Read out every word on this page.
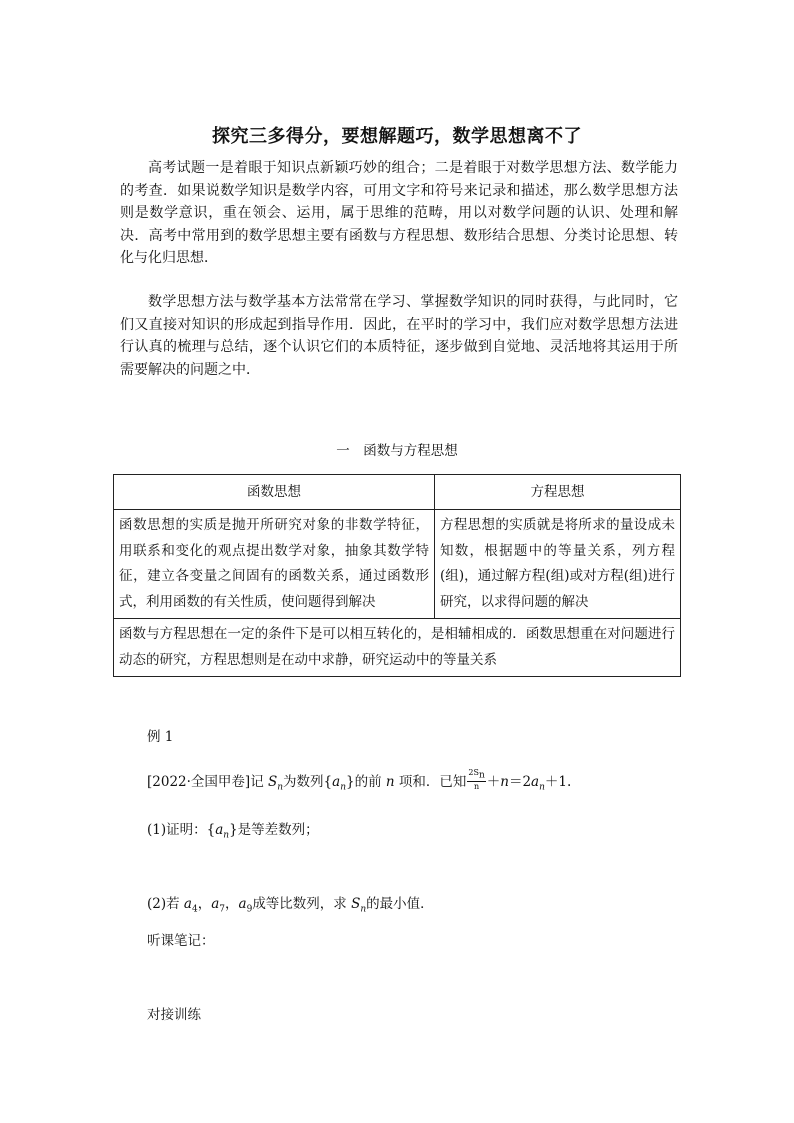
探究三多得分，要想解题巧，数学思想离不了

高考试题一是着眼于知识点新颖巧妙的组合；二是着眼于对数学思想方法、数学能力的考查．如果说数学知识是数学内容，可用文字和符号来记录和描述，那么数学思想方法则是数学意识，重在领会、运用，属于思维的范畴，用以对数学问题的认识、处理和解决．高考中常用到的数学思想主要有函数与方程思想、数形结合思想、分类讨论思想、转化与化归思想．

数学思想方法与数学基本方法常常在学习、掌握数学知识的同时获得，与此同时，它们又直接对知识的形成起到指导作用．因此，在平时的学习中，我们应对数学思想方法进行认真的梳理与总结，逐个认识它们的本质特征，逐步做到自觉地、灵活地将其运用于所需要解决的问题之中．

一　函数与方程思想
函数思想	方程思想
函数思想的实质是抛开所研究对象的非数学特征，用联系和变化的观点提出数学对象，抽象其数学特征，建立各变量之间固有的函数关系，通过函数形式，利用函数的有关性质，使问题得到解决	方程思想的实质就是将所求的量设成未知数，根据题中的等量关系，列方程(组)，通过解方程(组)或对方程(组)进行研究，以求得问题的解决
函数与方程思想在一定的条件下是可以相互转化的，是相辅相成的．函数思想重在对问题进行动态的研究，方程思想则是在动中求静，研究运动中的等量关系	
例 1
[2022·全国甲卷]记 $S_n$为数列$\{a_n\}$的前 n 项和．已知 $\frac{2S_n}{n} +n=2a_n+1$.
(1)证明：$\{a_n\}$是等差数列；
(2)若 $a_4$，$a_7$，$a_9$成等比数列，求 $S_n$的最小值．
听课笔记：
对接训练
